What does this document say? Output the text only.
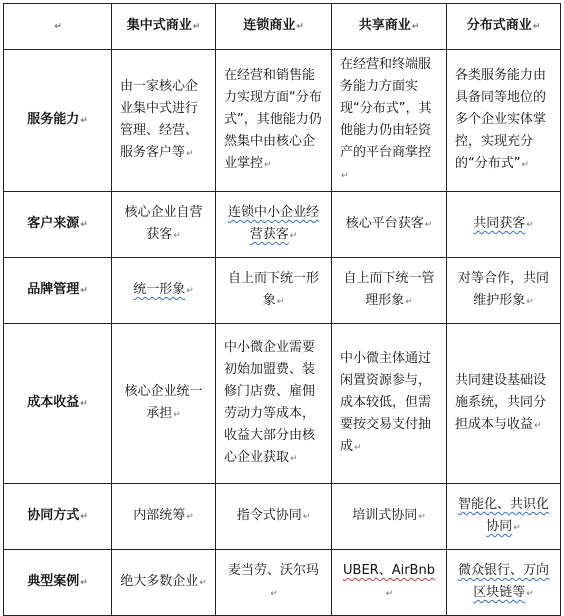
↵	集中式商业↵	连锁商业↵	共享商业↵	分布式商业↵
服务能力↵	由一家核心企业集中式进行管理、经营、服务客户等↵	在经营和销售能力实现方面“分布式”，其他能力仍然集中由核心企业掌控↵	在经营和终端服务能力方面实现“分布式”，其他能力仍由轻资产的平台商掌控↵	各类服务能力由具备同等地位的多个企业实体掌控，实现充分的“分布式”↵
客户来源↵	核心企业自营获客↵	连锁中小企业经营获客↵	核心平台获客↵	共同获客↵
品牌管理↵	统一形象↵	自上而下统一形象↵	自上而下统一管理形象↵	对等合作，共同维护形象↵
成本收益↵	核心企业统一承担↵	中小微企业需要初始加盟费、装修门店费、雇佣劳动力等成本，收益大部分由核心企业获取↵	中小微主体通过闲置资源参与，成本较低，但需要按交易支付抽成↵	共同建设基础设施系统，共同分担成本与收益↵
协同方式↵	内部统筹↵	指令式协同↵	培训式协同↵	智能化、共识化协同↵
典型案例↵	绝大多数企业↵	麦当劳、沃尔玛↵	UBER、AirBnb↵	微众银行、万向区块链等↵
